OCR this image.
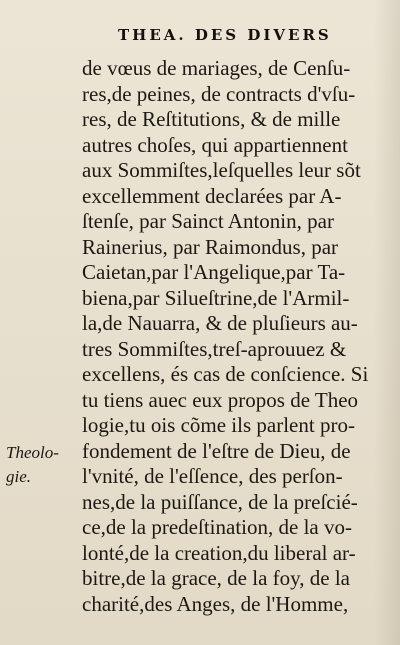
THEA. DES DIVERS
Theolo-
gie.
de vœus de mariages, de Cenſu-
res,de peines, de contracts d'vſu-
res, de Reſtitutions, & de mille
autres choſes, qui appartiennent
aux Sommiſtes,leſquelles leur sõt
excellemment declarées par A-
ſtenſe, par Sainct Antonin, par
Rainerius, par Raimondus, par
Caietan,par l'Angelique,par Ta-
biena,par Silueſtrine,de l'Armil-
la,de Nauarra, & de pluſieurs au-
tres Sommiſtes,treſ-aprouuez &
excellens, és cas de conſcience. Si
tu tiens auec eux propos de Theo
logie,tu ois cõme ils parlent pro-
fondement de l'eſtre de Dieu, de
l'vnité, de l'eſſence, des perſon-
nes,de la puiſſance, de la preſcié-
ce,de la predeſtination, de la vo-
lonté,de la creation,du liberal ar-
bitre,de la grace, de la foy, de la
charité,des Anges, de l'Homme,
